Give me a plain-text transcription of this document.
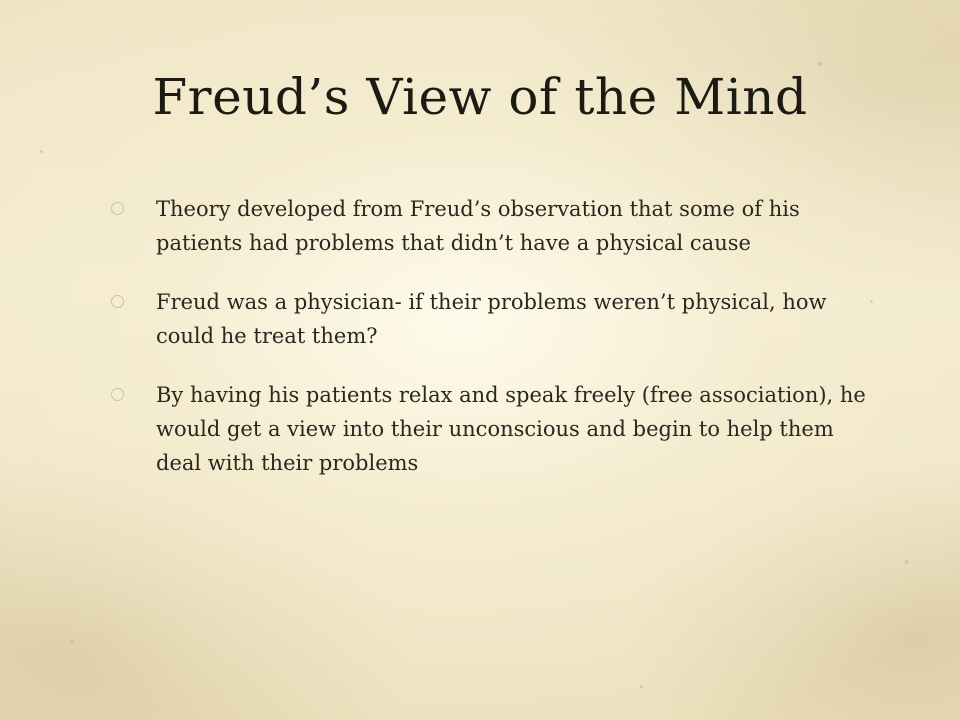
Freud’s View of the Mind
Theory developed from Freud’s observation that some of his patients had problems that didn’t have a physical cause
Freud was a physician- if their problems weren’t physical, how could he treat them?
By having his patients relax and speak freely (free association), he would get a view into their unconscious and begin to help them deal with their problems
